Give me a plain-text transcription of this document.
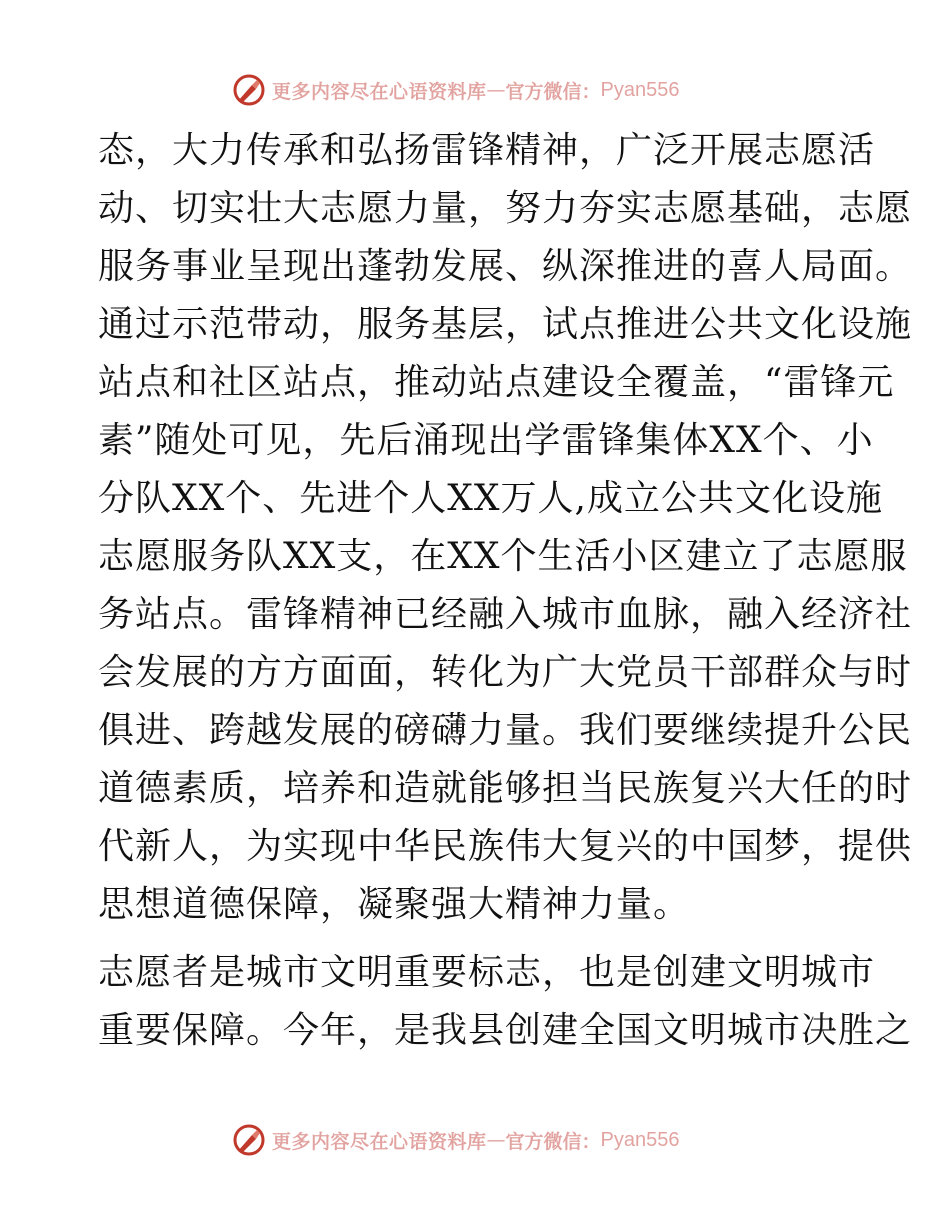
更多内容尽在心语资料库 — 官方微信： Pyan556

态，大力传承和弘扬雷锋精神，广泛开展志愿活
动、切实壮大志愿力量，努力夯实志愿基础，志愿
服务事业呈现出蓬勃发展、纵深推进的喜人局面。
通过示范带动，服务基层，试点推进公共文化设施
站点和社区站点，推动站点建设全覆盖，“雷锋元
素”随处可见，先后涌现出学雷锋集体XX个、小
分队XX个、先进个人XX万人,成立公共文化设施
志愿服务队XX支，在XX个生活小区建立了志愿服
务站点。雷锋精神已经融入城市血脉，融入经济社
会发展的方方面面，转化为广大党员干部群众与时
俱进、跨越发展的磅礴力量。我们要继续提升公民
道德素质，培养和造就能够担当民族复兴大任的时
代新人，为实现中华民族伟大复兴的中国梦，提供
思想道德保障，凝聚强大精神力量。

志愿者是城市文明重要标志，也是创建文明城市
重要保障。今年，是我县创建全国文明城市决胜之

更多内容尽在心语资料库 — 官方微信： Pyan556
